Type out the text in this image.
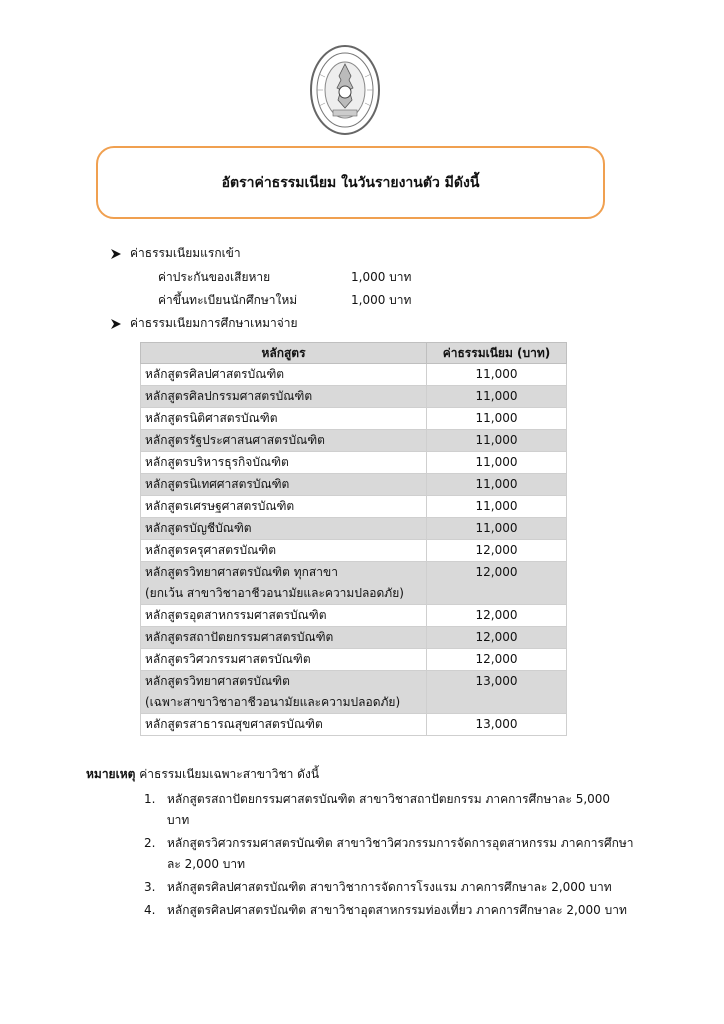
อัตราค่าธรรมเนียม ในวันรายงานตัว มีดังนี้
ค่าธรรมเนียมแรกเข้า
ค่าประกันของเสียหาย	1,000 บาท
ค่าขึ้นทะเบียนนักศึกษาใหม่	1,000 บาท
ค่าธรรมเนียมการศึกษาเหมาจ่าย
หลักสูตร	ค่าธรรมเนียม (บาท)
หลักสูตรศิลปศาสตรบัณฑิต	11,000
หลักสูตรศิลปกรรมศาสตรบัณฑิต	11,000
หลักสูตรนิติศาสตรบัณฑิต	11,000
หลักสูตรรัฐประศาสนศาสตรบัณฑิต	11,000
หลักสูตรบริหารธุรกิจบัณฑิต	11,000
หลักสูตรนิเทศศาสตรบัณฑิต	11,000
หลักสูตรเศรษฐศาสตรบัณฑิต	11,000
หลักสูตรบัญชีบัณฑิต	11,000
หลักสูตรครุศาสตรบัณฑิต	12,000
หลักสูตรวิทยาศาสตรบัณฑิต ทุกสาขา
(ยกเว้น สาขาวิชาอาชีวอนามัยและความปลอดภัย)	12,000
หลักสูตรอุตสาหกรรมศาสตรบัณฑิต	12,000
หลักสูตรสถาปัตยกรรมศาสตรบัณฑิต	12,000
หลักสูตรวิศวกรรมศาสตรบัณฑิต	12,000
หลักสูตรวิทยาศาสตรบัณฑิต
(เฉพาะสาขาวิชาอาชีวอนามัยและความปลอดภัย)	13,000
หลักสูตรสาธารณสุขศาสตรบัณฑิต	13,000
หมายเหตุ ค่าธรรมเนียมเฉพาะสาขาวิชา ดังนี้
1. หลักสูตรสถาปัตยกรรมศาสตรบัณฑิต สาขาวิชาสถาปัตยกรรม ภาคการศึกษาละ 5,000 บาท
2. หลักสูตรวิศวกรรมศาสตรบัณฑิต สาขาวิชาวิศวกรรมการจัดการอุตสาหกรรม ภาคการศึกษาละ 2,000 บาท
3. หลักสูตรศิลปศาสตรบัณฑิต สาขาวิชาการจัดการโรงแรม ภาคการศึกษาละ 2,000 บาท
4. หลักสูตรศิลปศาสตรบัณฑิต สาขาวิชาอุตสาหกรรมท่องเที่ยว ภาคการศึกษาละ 2,000 บาท
